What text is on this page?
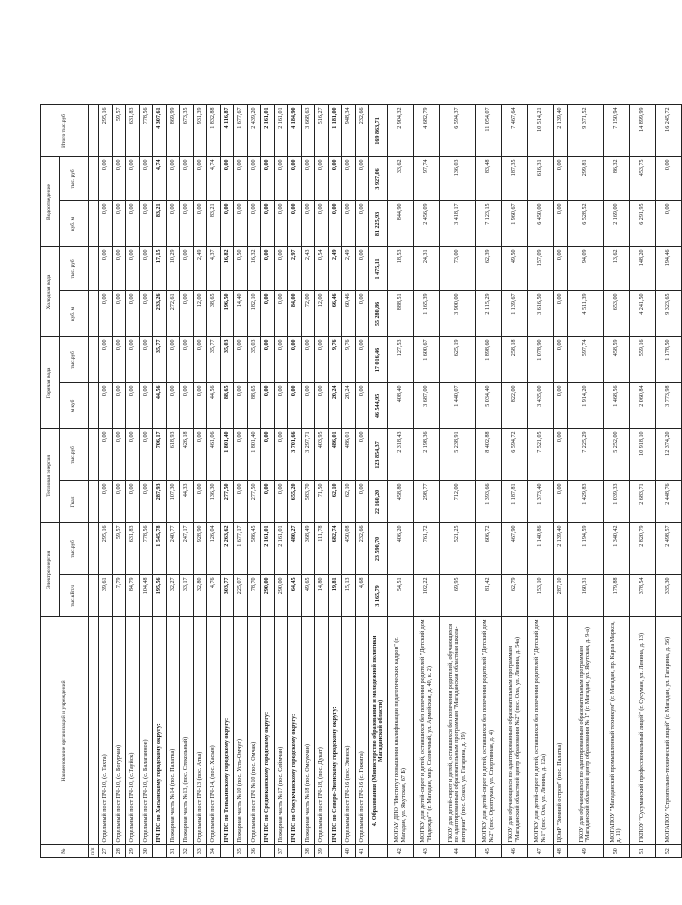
№	Наименование организаций и учреждений	Электроэнергия		Тепловая энергия		Горячая вода		Холодная вода		Водоотведение		Итого тыс.руб
		тыс.кВт.ч	тыс.руб	Гкал	тыс.руб	м куб	тыс.руб	куб. м	тыс. руб	куб. м	тыс. руб	
п/п												
27	Отдельный пост ПЧ-10, (с. Тахта)	39,61	295,16	0,00	0,00	0,00	0,00	0,00	0,00	0,00	0,00	295,16
28	Отдельный пост ПЧ-10, (с. Богурчан)	7,79	59,57	0,00	0,00	0,00	0,00	0,00	0,00	0,00	0,00	59,57
29	Отдельный пост ПЧ-10, (с.Тауйск)	84,79	631,83	0,00	0,00	0,00	0,00	0,00	0,00	0,00	0,00	631,83
30	Отдельный пост ПЧ-10, (с. Балаганное)	104,48	778,56	0,00	0,00	0,00	0,00	0,00	0,00	0,00	0,00	778,56
	ПЧ ПС по Хасынскому городскому округу:	195,56	1 545,78	287,93	706,17	44,56	35,77	233,26	17,15	83,21	4,74	4 307,61
31	Пожарная часть №14 (пос. Палатка)	32,27	240,77	107,30	618,93	0,00	0,00	272,61	10,29	0,00	0,00	869,99
32	Пожарная часть №13, (пос. Стекольный)	33,17	247,17	44,33	426,18	0,00	0,00	0,00	0,00	0,00	0,00	673,35
33	Отдельный пост ПЧ-13 (пос. Атка)	32,80	928,90	0,00	0,00	0,00	0,00	12,00	2,49	0,00	0,00	931,39
34	Отдельный пост ПЧ-14, (пос. Хасын)	4,76	126,04	136,30	461,06	44,56	35,77	38,65	4,37	83,21	4,74	1 832,88
	ПЧ ПС по Тенькинскому городскому округу:	303,77	2 263,62	277,50	1 801,40	88,65	35,03	196,50	16,82	0,00	0,00	4 116,87
35	Пожарная часть №10 (пос. Усть-Омчуг)	225,07	1 677,17	0,00	0,00	0,00	0,00	14,40	0,50	0,00	0,00	1 677,67
36	Отдельный пост ПЧ №10 (пос. Омчак)	78,70	586,45	277,50	1 801,40	88,65	35,03	182,10	16,32	0,00	0,00	2 439,20
	ПЧ ПС по Среднеканскому городскому округу:	290,00	2 161,01	0,00	0,00	0,00	0,00	0,00	0,00	0,00	0,00	2 161,01
37	Пожарная часть №17 (пос. Сеймчан)	290,00	2 161,01	0,00	0,00	0,00	0,00	0,00	0,00	0,00	0,00	2 161,01
	ПЧ ПС по Омсукчанскому городскому округу:	64,45	480,27	655,20	3 701,66	0,00	0,00	84,00	2,97	0,00	0,00	4 184,90
38	Пожарная часть №18 (пос. Омсукчан)	49,65	368,49	583,70	3 297,71	0,00	0,00	72,00	2,43	0,00	0,00	3 668,63
39	Отдельный пост ПЧ-18, (пос. Дукат)	14,80	111,78	71,50	403,95	0,00	0,00	12,00	0,54	0,00	0,00	516,27
	ПЧ ПС по Северо-Эвенскому городскому округу:	19,81	682,74	62,10	486,01	20,24	9,76	66,46	2,49	0,00	0,00	1 181,00
40	Отдельный пост ПЧ-16 (пос. Эвенск)	15,13	450,08	62,10	486,01	20,24	9,76	60,46	2,49	0,00	0,00	948,34
41	Отдельный пост ПЧ-16 (с. Гижига)	4,68	232,66	0,00	0,00	0,00	0,00	0,00	0,00	0,00	0,00	232,66
	4. Образования (Министерство образования и молодежной политики Магаданской области)	3 165,79	23 590,70	22 160,20	123 854,37	46 544,95	17 016,46	55 280,86	1 475,11	81 225,93	3 927,06	169 863,71
42	МОГАУ ДПО "Институт повышения квалификации педагогических кадров" (г. Магадан, ул. Якутская, 67 Б)	54,51	406,20	458,80	2 318,43	408,40	127,53	888,51	18,53	844,90	33,62	2 904,32
43	МОГКУ для детей-сирот и детей, оставшихся без попечения родителей "Детский дом "Надежда"" (г. Магадан, мкр. Солнечный, ул. Армейская, д. 40, к. 2)	102,22	761,72	298,77	2 198,36	3 687,00	1 600,67	1 165,39	24,31	2 456,09	97,74	4 682,79
44	ГКОУ для детей-сирот и детей, оставшихся без попечения родителей, обучающихся по адаптированным образовательным программам "Магаданская областная школа-интернат" (пос. Сокол, ул. Гагарина, д. 19)	69,95	521,25	712,00	5 238,91	1 440,07	625,19	3 900,00	73,00	3 418,17	136,03	6 594,37
45	МОГКУ для детей-сирот и детей, оставшихся без попечения родителей "Детский дом №2" (пос. Ороптукан, ул. Спортивная, д. 4)	81,42	606,72	1 393,66	8 402,88	5 034,40	1 898,60	2 115,29	62,39	7 123,15	83,48	11 054,07
46	ГКОУ для обучающихся по адаптированным образовательным программам "Магаданский областной центр образования №2" (пос. Ола, ул. Ленина, д. 54а)	62,79	467,90	1 187,81	6 594,72	822,00	258,18	1 139,67	49,50	1 960,67	187,35	7 467,64
47	МОГКУ для детей-сирот и детей, оставшихся без попечения родителей "Детский дом №1" (пос. Ола, ул. Ленина, д. 12а)	153,10	1 140,86	1 373,40	7 521,05	3 435,00	1 078,90	3 616,50	157,09	6 450,00	616,31	10 514,21
48	ЦОиР "Зимний остров" (пос. Палатка)	287,10	2 139,40	0,00	0,00	0,00	0,00	0,00	0,00	0,00	0,00	2 139,40
49	ГКОУ для обучающихся по адаптированным образовательным программам "Магаданский областной центр образования № 1" (г. Магадан, ул. Якутская, д. 9-а)	160,31	1 194,59	1 429,83	7 225,29	1 914,20	597,74	4 511,39	94,09	6 528,52	299,81	9 371,52
50	МОГАПОУ "Магаданский промышленный техникум" (г. Магадан, пр. Карла Маркса, д. 11)	179,88	1 340,42	1 039,33	5 252,00	1 468,56	458,59	653,00	13,62	2 169,00	86,32	7 150,94
51	ГКПОУ "Сусуманский профессиональный лицей" (г. Сусуман, ул. Ленина, д. 13)	378,54	2 820,79	2 683,71	10 918,10	2 060,84	559,16	4 241,50	148,20	6 291,95	453,75	14 899,99
52	МОГАПОУ "Строительно-технический лицей" (г. Магадан, ул. Гагарина, д. 56)	335,30	2 498,57	2 448,76	12 374,20	3 773,98	1 178,50	9 323,65	194,46	0,00	0,00	16 245,72
